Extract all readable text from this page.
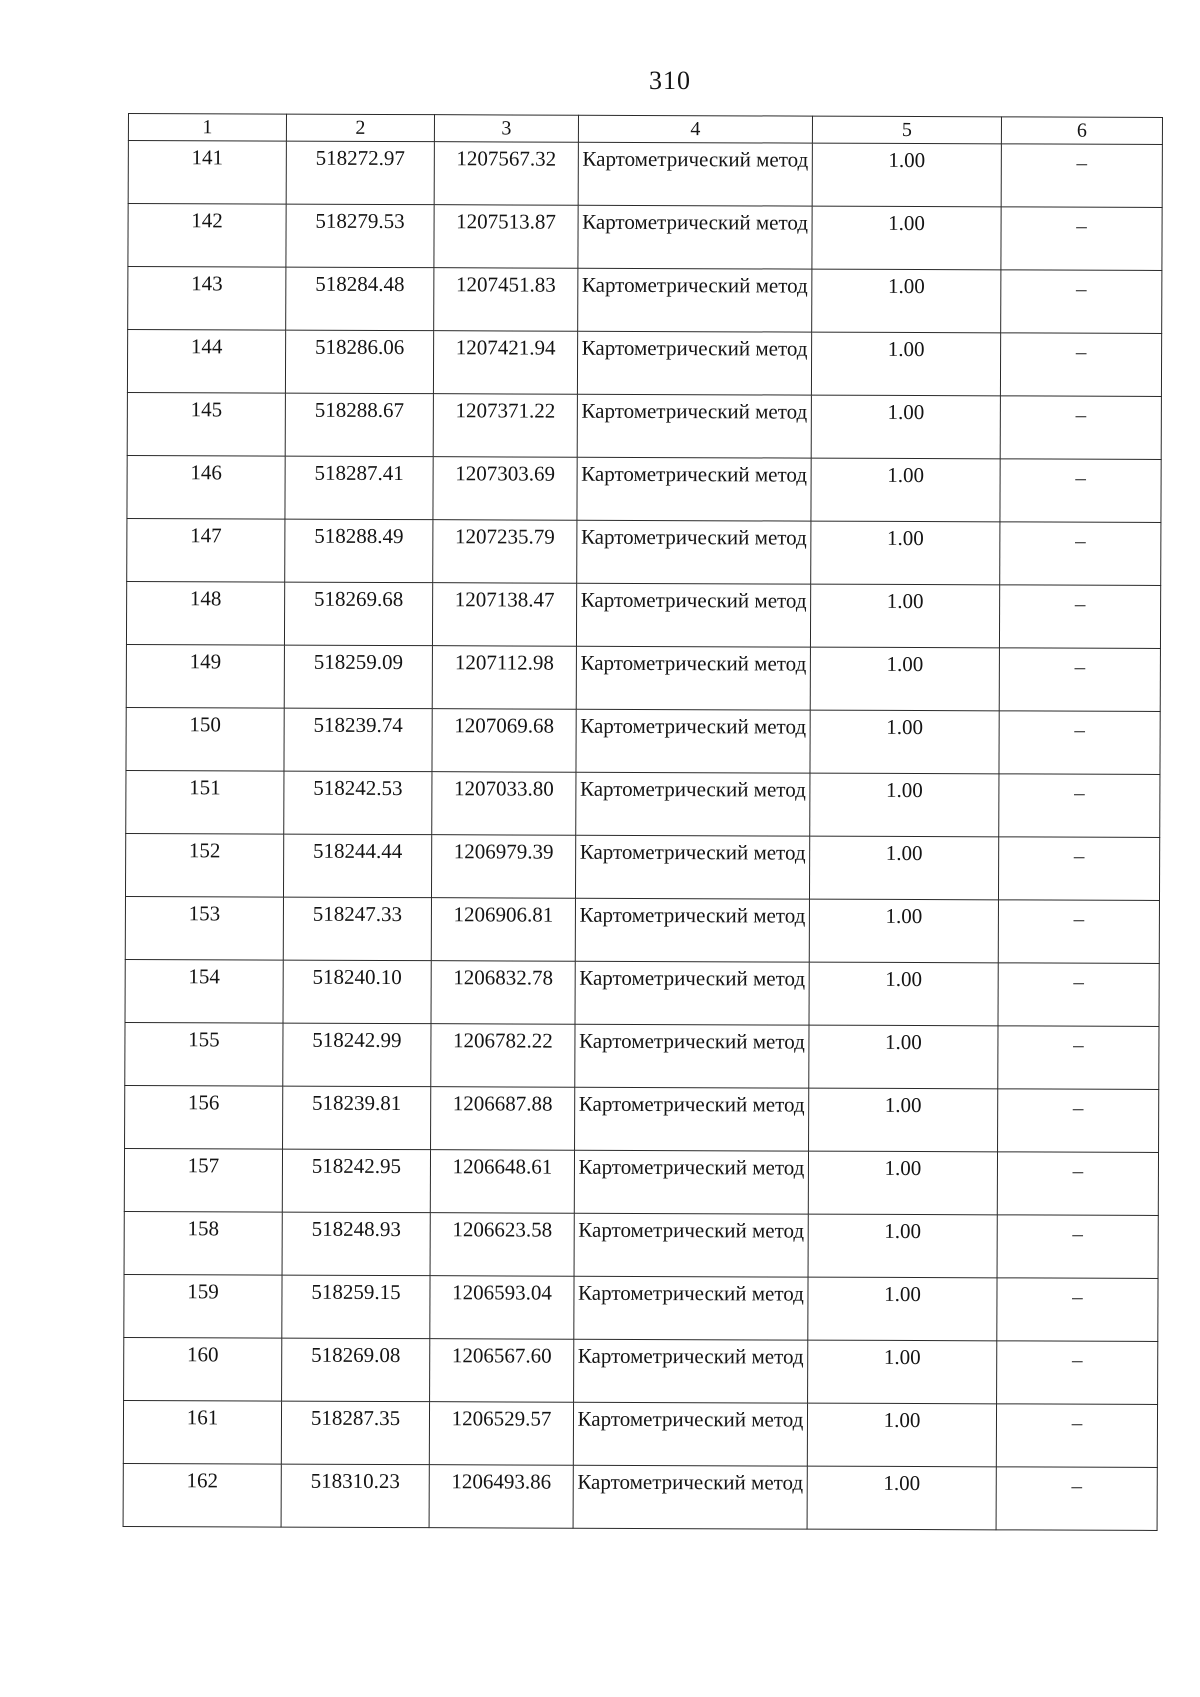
310
1	2	3	4	5	6
141	518272.97	1207567.32	Картометрический метод	1.00	–
142	518279.53	1207513.87	Картометрический метод	1.00	–
143	518284.48	1207451.83	Картометрический метод	1.00	–
144	518286.06	1207421.94	Картометрический метод	1.00	–
145	518288.67	1207371.22	Картометрический метод	1.00	–
146	518287.41	1207303.69	Картометрический метод	1.00	–
147	518288.49	1207235.79	Картометрический метод	1.00	–
148	518269.68	1207138.47	Картометрический метод	1.00	–
149	518259.09	1207112.98	Картометрический метод	1.00	–
150	518239.74	1207069.68	Картометрический метод	1.00	–
151	518242.53	1207033.80	Картометрический метод	1.00	–
152	518244.44	1206979.39	Картометрический метод	1.00	–
153	518247.33	1206906.81	Картометрический метод	1.00	–
154	518240.10	1206832.78	Картометрический метод	1.00	–
155	518242.99	1206782.22	Картометрический метод	1.00	–
156	518239.81	1206687.88	Картометрический метод	1.00	–
157	518242.95	1206648.61	Картометрический метод	1.00	–
158	518248.93	1206623.58	Картометрический метод	1.00	–
159	518259.15	1206593.04	Картометрический метод	1.00	–
160	518269.08	1206567.60	Картометрический метод	1.00	–
161	518287.35	1206529.57	Картометрический метод	1.00	–
162	518310.23	1206493.86	Картометрический метод	1.00	–
